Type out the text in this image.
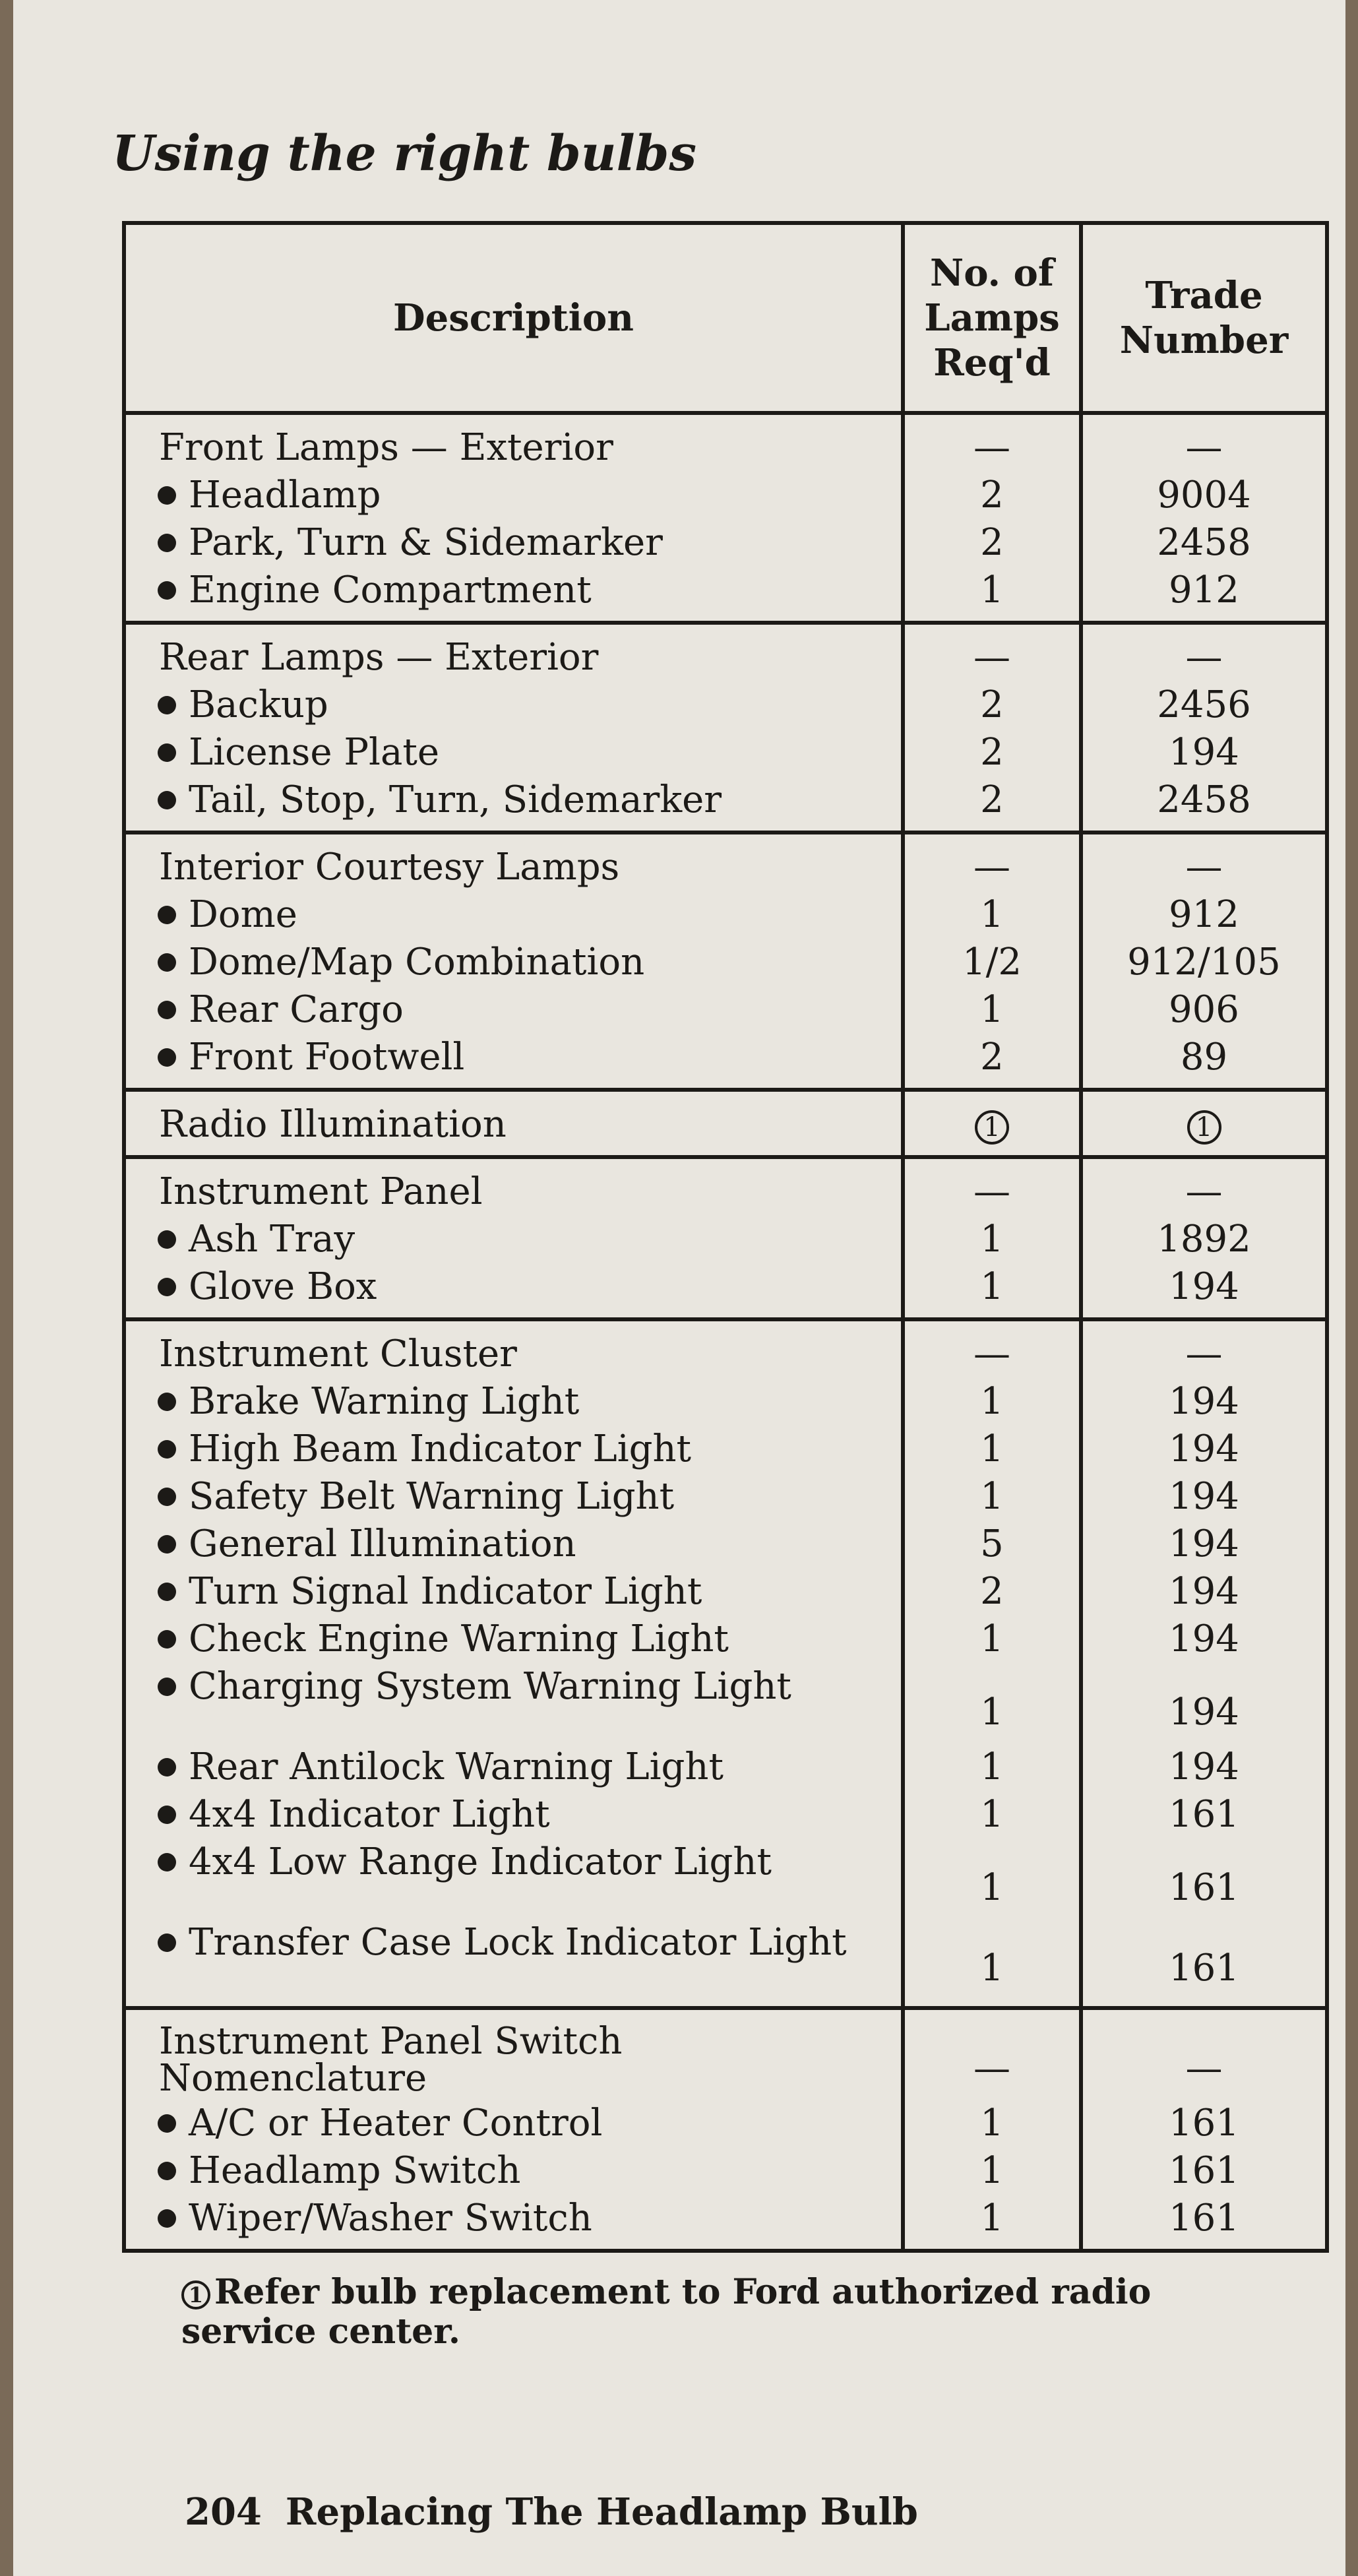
Using the right bulbs
Description
No. of Lamps Req'd
Trade Number
Front Lamps — Exterior
Headlamp
Park, Turn & Sidemarker
Engine Compartment
—
2
2
1
—
9004
2458
912
Rear Lamps — Exterior
Backup
License Plate
Tail, Stop, Turn, Sidemarker
—
2
2
2
—
2456
194
2458
Interior Courtesy Lamps
Dome
Dome/Map Combination
Rear Cargo
Front Footwell
—
1
1/2
1
2
—
912
912/105
906
89
Radio Illumination	1	1
Instrument Panel
Ash Tray
Glove Box
—
1
1
—
1892
194
Instrument Cluster
Brake Warning Light
High Beam Indicator Light
Safety Belt Warning Light
General Illumination
Turn Signal Indicator Light
Check Engine Warning Light
Charging System Warning Light
Rear Antilock Warning Light
4x4 Indicator Light
4x4 Low Range Indicator Light
Transfer Case Lock Indicator Light
—
1
1
1
5
2
1
1
1
1
1
1
—
194
194
194
194
194
194
194
194
161
161
161
Instrument Panel Switch Nomenclature
A/C or Heater Control
Headlamp Switch
Wiper/Washer Switch
—
1
1
1
—
161
161
161
1 Refer bulb replacement to Ford authorized radio service center.
204 Replacing The Headlamp Bulb
